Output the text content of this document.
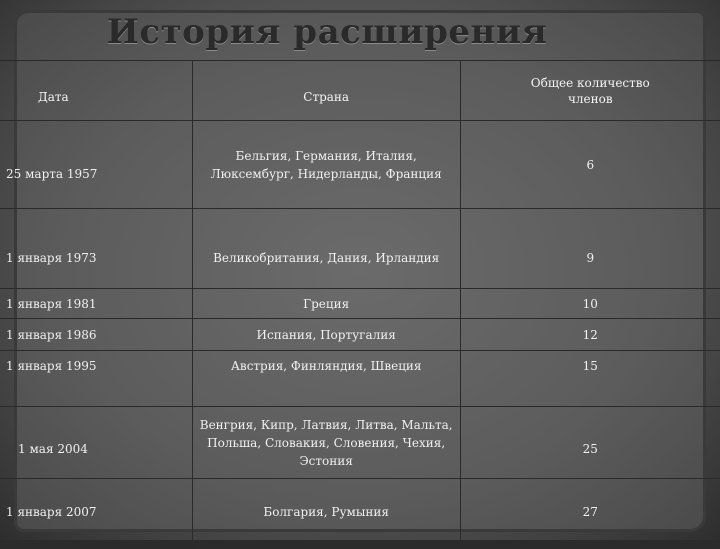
История расширения
Дата	Страна	Общее количество членов
25 марта 1957	Бельгия, Германия, Италия, Люксембург, Нидерланды, Франция	6
1 января 1973	Великобритания, Дания, Ирландия	9
1 января 1981	Греция	10
1 января 1986	Испания, Португалия	12
1 января 1995	Австрия, Финляндия, Швеция	15
1 мая 2004	Венгрия, Кипр, Латвия, Литва, Мальта, Польша, Словакия, Словения, Чехия, Эстония	25
1 января 2007	Болгария, Румыния	27
